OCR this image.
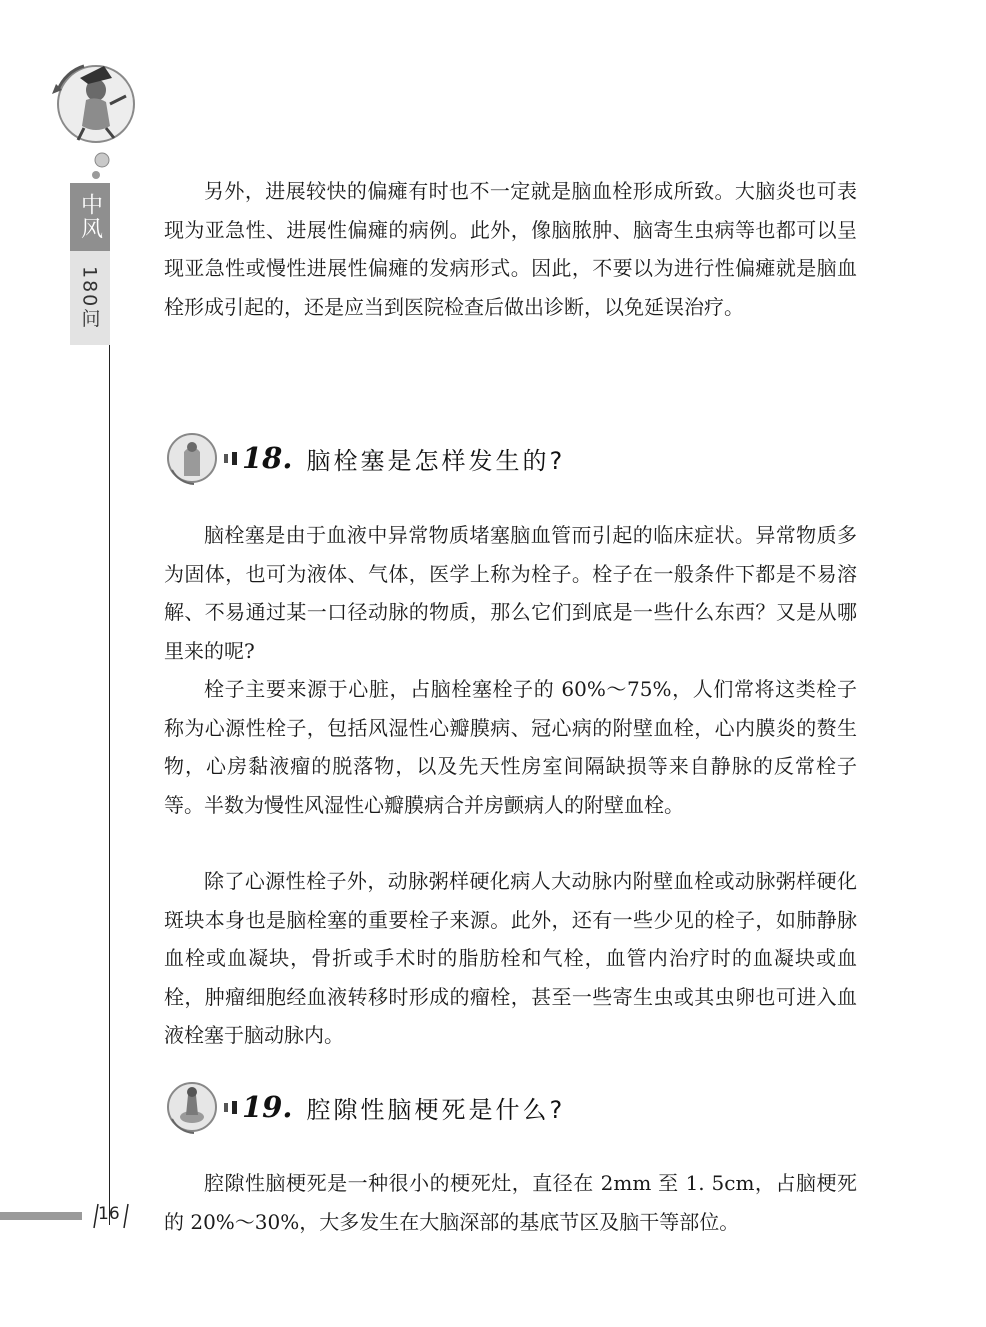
中风
180问

另外，进展较快的偏瘫有时也不一定就是脑血栓形成所致。大脑炎也可表现为亚急性、进展性偏瘫的病例。此外，像脑脓肿、脑寄生虫病等也都可以呈现亚急性或慢性进展性偏瘫的发病形式。因此，不要以为进行性偏瘫就是脑血栓形成引起的，还是应当到医院检查后做出诊断，以免延误治疗。

18. 脑栓塞是怎样发生的?

脑栓塞是由于血液中异常物质堵塞脑血管而引起的临床症状。异常物质多为固体，也可为液体、气体，医学上称为栓子。栓子在一般条件下都是不易溶解、不易通过某一口径动脉的物质，那么它们到底是一些什么东西？又是从哪里来的呢?

栓子主要来源于心脏，占脑栓塞栓子的 60%～75%，人们常将这类栓子称为心源性栓子，包括风湿性心瓣膜病、冠心病的附壁血栓，心内膜炎的赘生物，心房黏液瘤的脱落物，以及先天性房室间隔缺损等来自静脉的反常栓子等。半数为慢性风湿性心瓣膜病合并房颤病人的附壁血栓。

除了心源性栓子外，动脉粥样硬化病人大动脉内附壁血栓或动脉粥样硬化斑块本身也是脑栓塞的重要栓子来源。此外，还有一些少见的栓子，如肺静脉血栓或血凝块，骨折或手术时的脂肪栓和气栓，血管内治疗时的血凝块或血栓，肿瘤细胞经血液转移时形成的瘤栓，甚至一些寄生虫或其虫卵也可进入血液栓塞于脑动脉内。

19. 腔隙性脑梗死是什么?

腔隙性脑梗死是一种很小的梗死灶，直径在 2mm 至 1. 5cm，占脑梗死的 20%～30%，大多发生在大脑深部的基底节区及脑干等部位。

16
